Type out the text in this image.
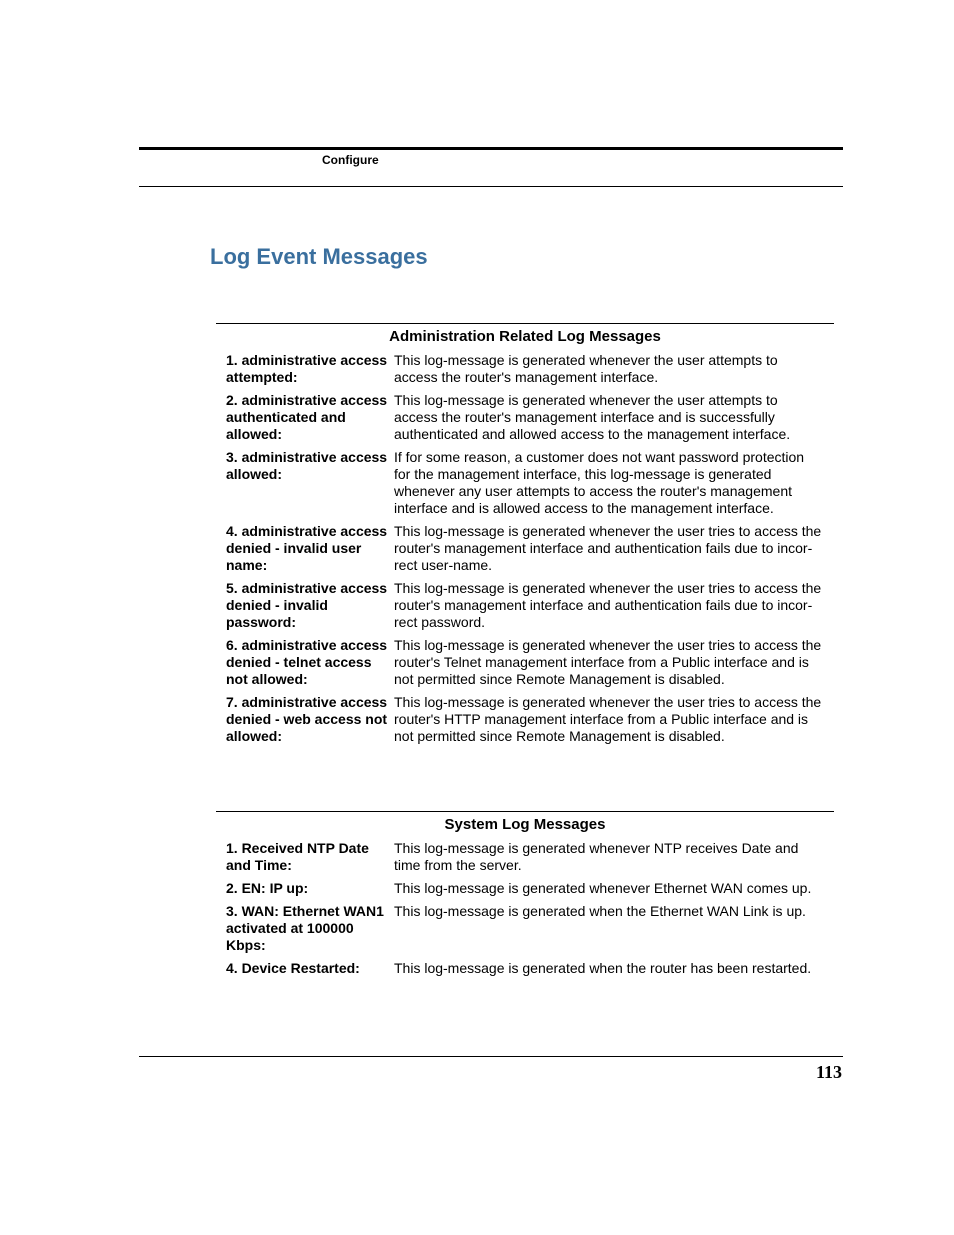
Configure
Log Event Messages
Administration Related Log Messages
1. administrative access attempted:
This log-message is generated whenever the user attempts to access the router's management interface.
2. administrative access authenticated and allowed:
This log-message is generated whenever the user attempts to access the router's management interface and is successfully authenticated and allowed access to the management interface.
3. administrative access allowed:
If for some reason, a customer does not want password protection for the management interface, this log-message is generated whenever any user attempts to access the router's management interface and is allowed access to the management interface.
4. administrative access denied - invalid user name:
This log-message is generated whenever the user tries to access the router's management interface and authentication fails due to incor-rect user-name.
5. administrative access denied - invalid password:
This log-message is generated whenever the user tries to access the router's management interface and authentication fails due to incor-rect password.
6. administrative access denied - telnet access not allowed:
This log-message is generated whenever the user tries to access the router's Telnet management interface from a Public interface and is not permitted since Remote Management is disabled.
7. administrative access denied - web access not allowed:
This log-message is generated whenever the user tries to access the router's HTTP management interface from a Public interface and is not permitted since Remote Management is disabled.
System Log Messages
1. Received NTP Date and Time:
This log-message is generated whenever NTP receives Date and time from the server.
2. EN: IP up:	This log-message is generated whenever Ethernet WAN comes up.
3. WAN: Ethernet WAN1 activated at 100000 Kbps:
This log-message is generated when the Ethernet WAN Link is up.
4. Device Restarted:	This log-message is generated when the router has been restarted.
113
